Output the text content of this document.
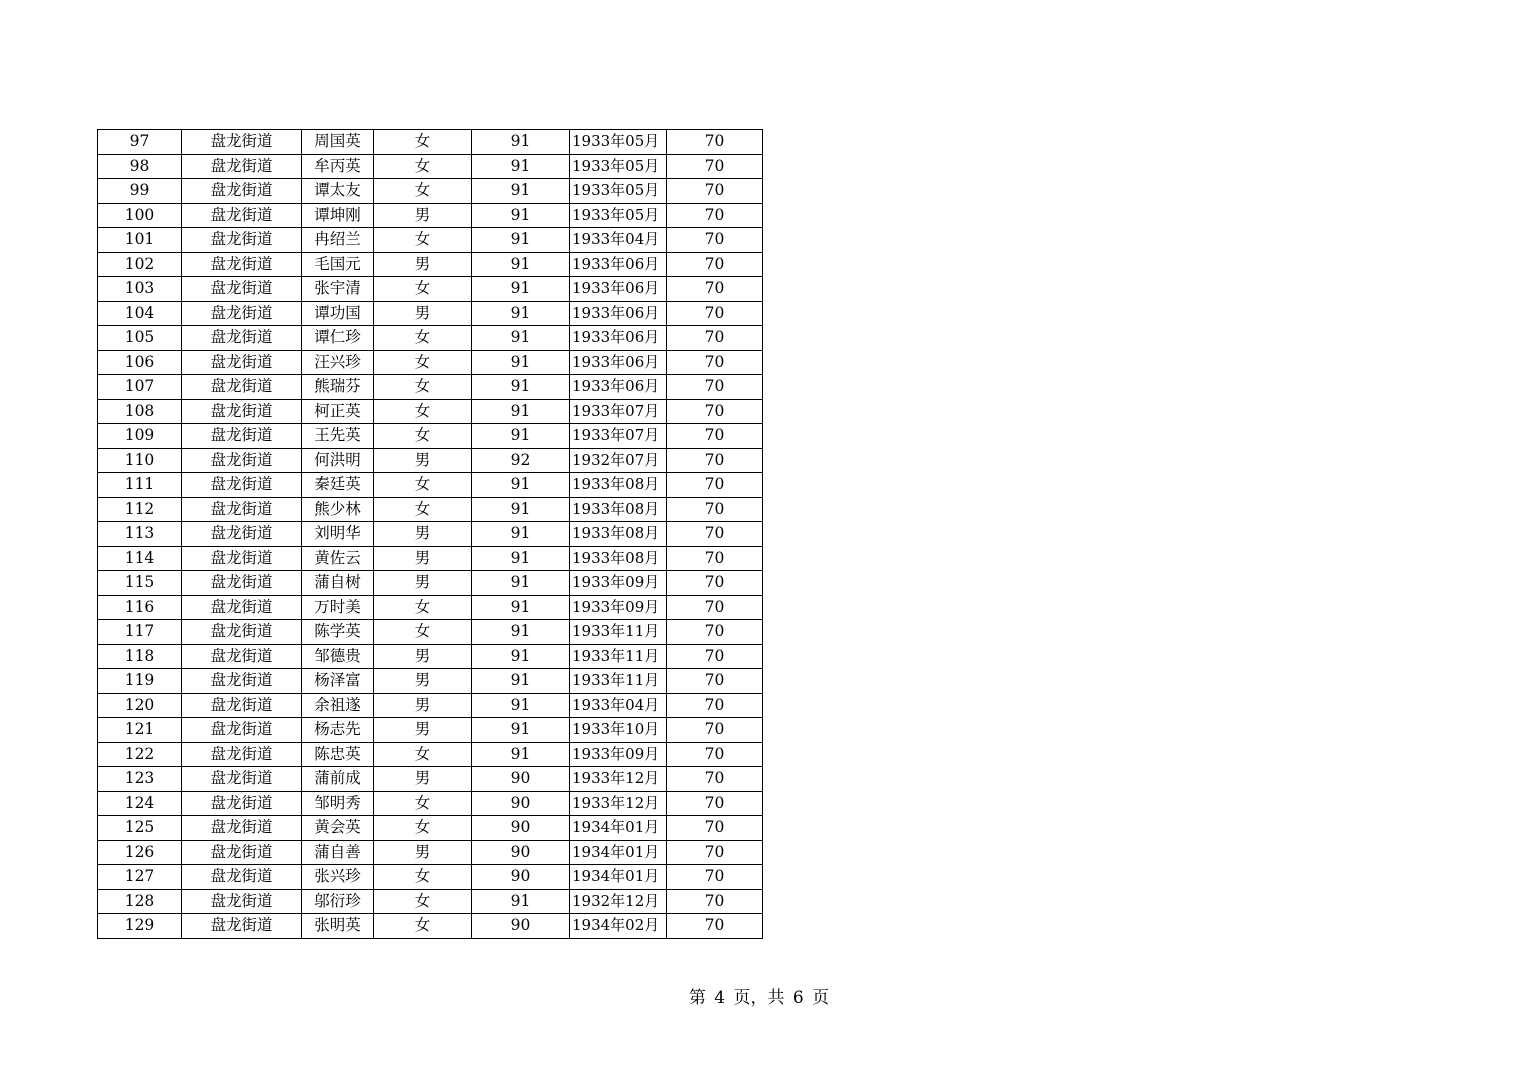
97	盘龙街道	周国英	女	91	1933年05月	70
98	盘龙街道	牟丙英	女	91	1933年05月	70
99	盘龙街道	谭太友	女	91	1933年05月	70
100	盘龙街道	谭坤刚	男	91	1933年05月	70
101	盘龙街道	冉绍兰	女	91	1933年04月	70
102	盘龙街道	毛国元	男	91	1933年06月	70
103	盘龙街道	张宇清	女	91	1933年06月	70
104	盘龙街道	谭功国	男	91	1933年06月	70
105	盘龙街道	谭仁珍	女	91	1933年06月	70
106	盘龙街道	汪兴珍	女	91	1933年06月	70
107	盘龙街道	熊瑞芬	女	91	1933年06月	70
108	盘龙街道	柯正英	女	91	1933年07月	70
109	盘龙街道	王先英	女	91	1933年07月	70
110	盘龙街道	何洪明	男	92	1932年07月	70
111	盘龙街道	秦廷英	女	91	1933年08月	70
112	盘龙街道	熊少林	女	91	1933年08月	70
113	盘龙街道	刘明华	男	91	1933年08月	70
114	盘龙街道	黄佐云	男	91	1933年08月	70
115	盘龙街道	蒲自树	男	91	1933年09月	70
116	盘龙街道	万时美	女	91	1933年09月	70
117	盘龙街道	陈学英	女	91	1933年11月	70
118	盘龙街道	邹德贵	男	91	1933年11月	70
119	盘龙街道	杨泽富	男	91	1933年11月	70
120	盘龙街道	余祖遂	男	91	1933年04月	70
121	盘龙街道	杨志先	男	91	1933年10月	70
122	盘龙街道	陈忠英	女	91	1933年09月	70
123	盘龙街道	蒲前成	男	90	1933年12月	70
124	盘龙街道	邹明秀	女	90	1933年12月	70
125	盘龙街道	黄会英	女	90	1934年01月	70
126	盘龙街道	蒲自善	男	90	1934年01月	70
127	盘龙街道	张兴珍	女	90	1934年01月	70
128	盘龙街道	邬衍珍	女	91	1932年12月	70
129	盘龙街道	张明英	女	90	1934年02月	70
第 4 页，共 6 页
